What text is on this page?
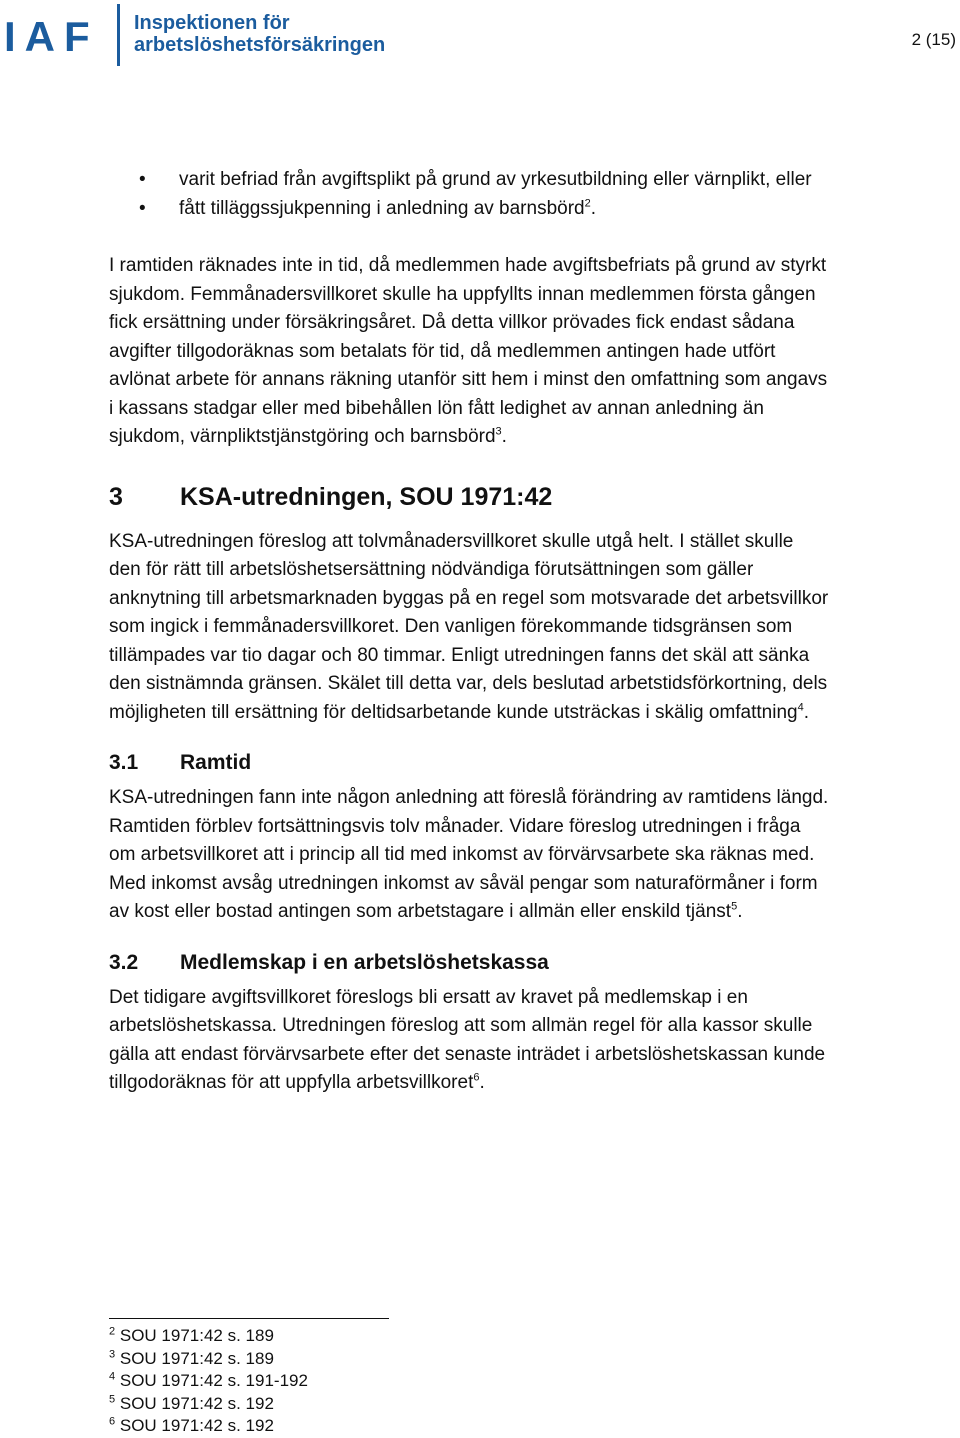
IAF Inspektionen för
arbetslöshetsförsäkringen	2 (15)
• varit befriad från avgiftsplikt på grund av yrkesutbildning eller värnplikt, eller
• fått tilläggssjukpenning i anledning av barnsbörd$^2$.

I ramtiden räknades inte in tid, då medlemmen hade avgiftsbefriats på grund av styrkt sjukdom. Femmånadersvillkoret skulle ha uppfyllts innan medlemmen första gången fick ersättning under försäkringsåret. Då detta villkor prövades fick endast sådana avgifter tillgodoräknas som betalats för tid, då medlemmen antingen hade utfört avlönat arbete för annans räkning utanför sitt hem i minst den omfattning som angavs i kassans stadgar eller med bibehållen lön fått ledighet av annan anledning än sjukdom, värnpliktstjänstgöring och barnsbörd$^3$.

3 KSA-utredningen, SOU 1971:42

KSA-utredningen föreslog att tolvmånadersvillkoret skulle utgå helt. I stället skulle den för rätt till arbetslöshetsersättning nödvändiga förutsättningen som gäller anknytning till arbetsmarknaden byggas på en regel som motsvarade det arbetsvillkor som ingick i femmånadersvillkoret. Den vanligen förekommande tidsgränsen som tillämpades var tio dagar och 80 timmar. Enligt utredningen fanns det skäl att sänka den sistnämnda gränsen. Skälet till detta var, dels beslutad arbetstidsförkortning, dels möjligheten till ersättning för deltidsarbetande kunde utsträckas i skälig omfattning$^4$.

3.1 Ramtid

KSA-utredningen fann inte någon anledning att föreslå förändring av ramtidens längd. Ramtiden förblev fortsättningsvis tolv månader. Vidare föreslog utredningen i fråga om arbetsvillkoret att i princip all tid med inkomst av förvärvsarbete ska räknas med. Med inkomst avsåg utredningen inkomst av såväl pengar som naturaförmåner i form av kost eller bostad antingen som arbetstagare i allmän eller enskild tjänst$^5$.

3.2 Medlemskap i en arbetslöshetskassa

Det tidigare avgiftsvillkoret föreslogs bli ersatt av kravet på medlemskap i en arbetslöshetskassa. Utredningen föreslog att som allmän regel för alla kassor skulle gälla att endast förvärvsarbete efter det senaste inträdet i arbetslöshetskassan kunde tillgodoräknas för att uppfylla arbetsvillkoret$^6$.

$^2$ SOU 1971:42 s. 189
$^3$ SOU 1971:42 s. 189
$^4$ SOU 1971:42 s. 191-192
$^5$ SOU 1971:42 s. 192
$^6$ SOU 1971:42 s. 192
